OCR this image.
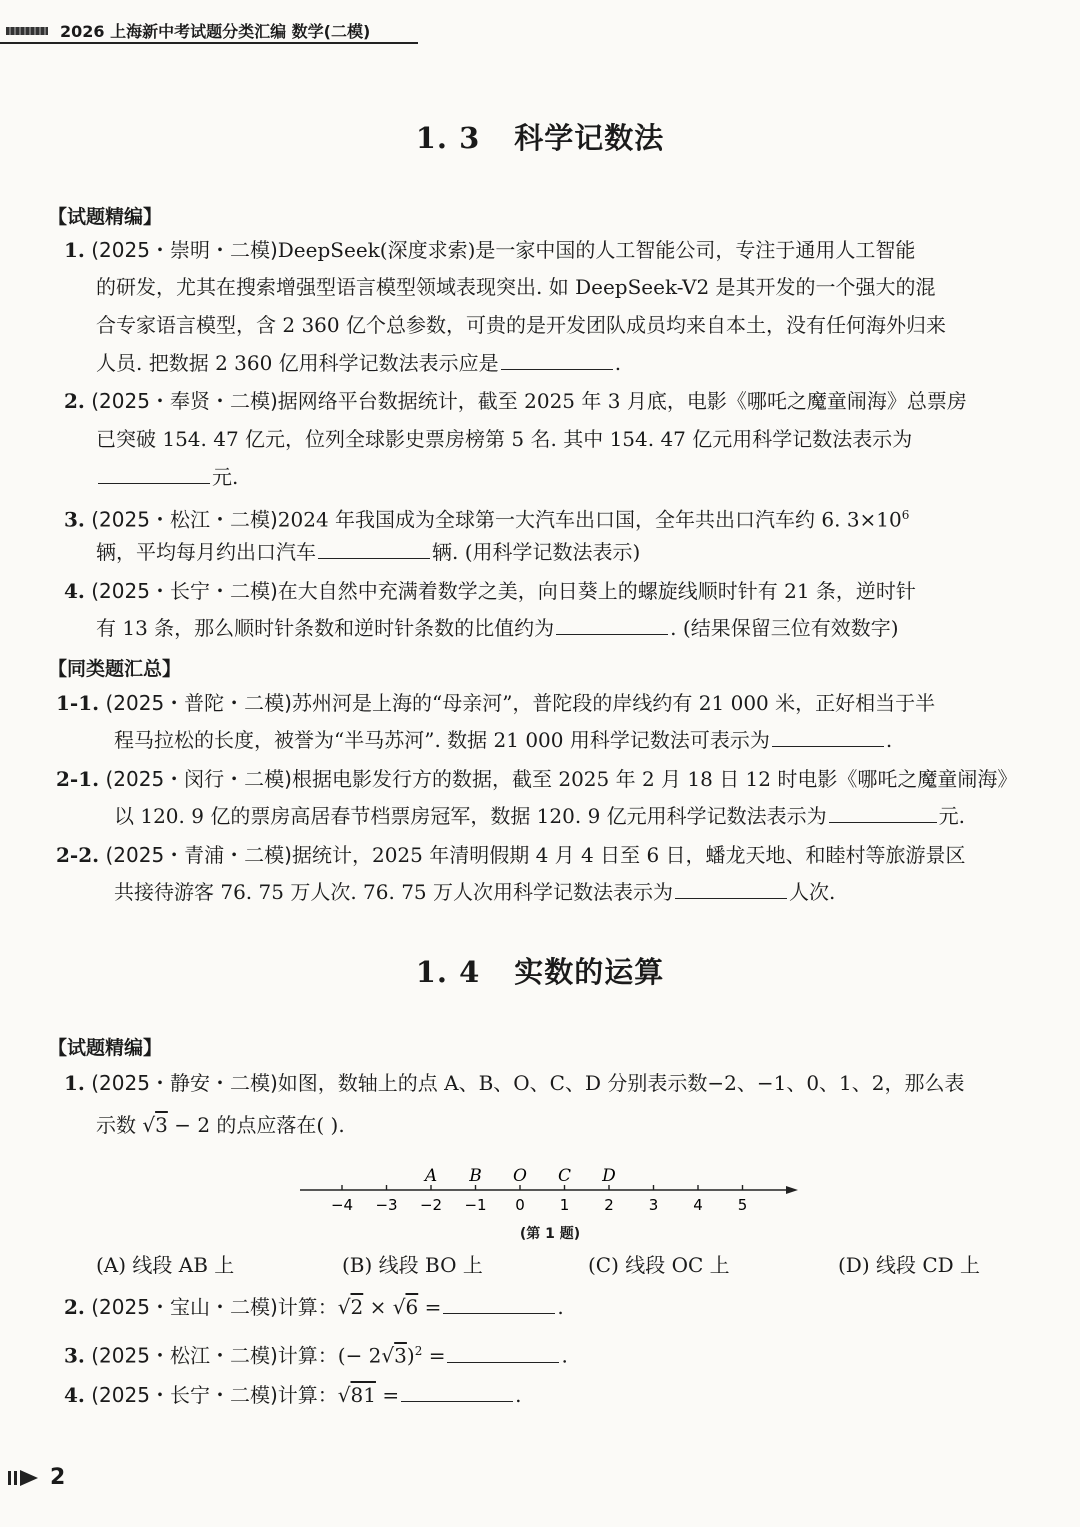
2026 上海新中考试题分类汇编 数学(二模)
1. 3 科学记数法
【试题精编】
1. (2025・崇明・二模)DeepSeek(深度求索)是一家中国的人工智能公司，专注于通用人工智能
的研发，尤其在搜索增强型语言模型领域表现突出. 如 DeepSeek-V2 是其开发的一个强大的混
合专家语言模型，含 2 360 亿个总参数，可贵的是开发团队成员均来自本土，没有任何海外归来
人员. 把数据 2 360 亿用科学记数法表示应是	.
2. (2025・奉贤・二模)据网络平台数据统计，截至 2025 年 3 月底，电影《哪吒之魔童闹海》总票房
已突破 154. 47 亿元，位列全球影史票房榜第 5 名. 其中 154. 47 亿元用科学记数法表示为
元.
3. (2025・松江・二模)2024 年我国成为全球第一大汽车出口国，全年共出口汽车约 6. $3\times 10^6$
辆，平均每月约出口汽车	辆. (用科学记数法表示)
4. (2025・长宁・二模)在大自然中充满着数学之美，向日葵上的螺旋线顺时针有 21 条，逆时针
有 13 条，那么顺时针条数和逆时针条数的比值约为	. (结果保留三位有效数字)
【同类题汇总】
1-1. (2025・普陀・二模)苏州河是上海的“母亲河”，普陀段的岸线约有 21 000 米，正好相当于半
程马拉松的长度，被誉为“半马苏河”. 数据 21 000 用科学记数法可表示为	.
2-1. (2025・闵行・二模)根据电影发行方的数据，截至 2025 年 2 月 18 日 12 时电影《哪吒之魔童闹海》
以 120. 9 亿的票房高居春节档票房冠军，数据 120. 9 亿元用科学记数法表示为	元.
2-2. (2025・青浦・二模)据统计，2025 年清明假期 4 月 4 日至 6 日，蟠龙天地、和睦村等旅游景区
共接待游客 76. 75 万人次. 76. 75 万人次用科学记数法表示为	人次.
1. 4 实数的运算
【试题精编】
1. (2025・静安・二模)如图，数轴上的点 A、B、O、C、D 分别表示数−2、−1、0、1、2，那么表
示数 √3 − 2 的点应落在( ).
−4 −3 −2 −1 0 1 2 3 4 5
A B O C D
(第 1 题)
(A) 线段 AB 上	(B) 线段 BO 上	(C) 线段 OC 上	(D) 线段 CD 上
2. (2025・宝山・二模)计算：√2 × √6 =	.
3. (2025・松江・二模)计算：(− 2√3)$^2$ =	.
4. (2025・长宁・二模)计算：√81 =	.
2
